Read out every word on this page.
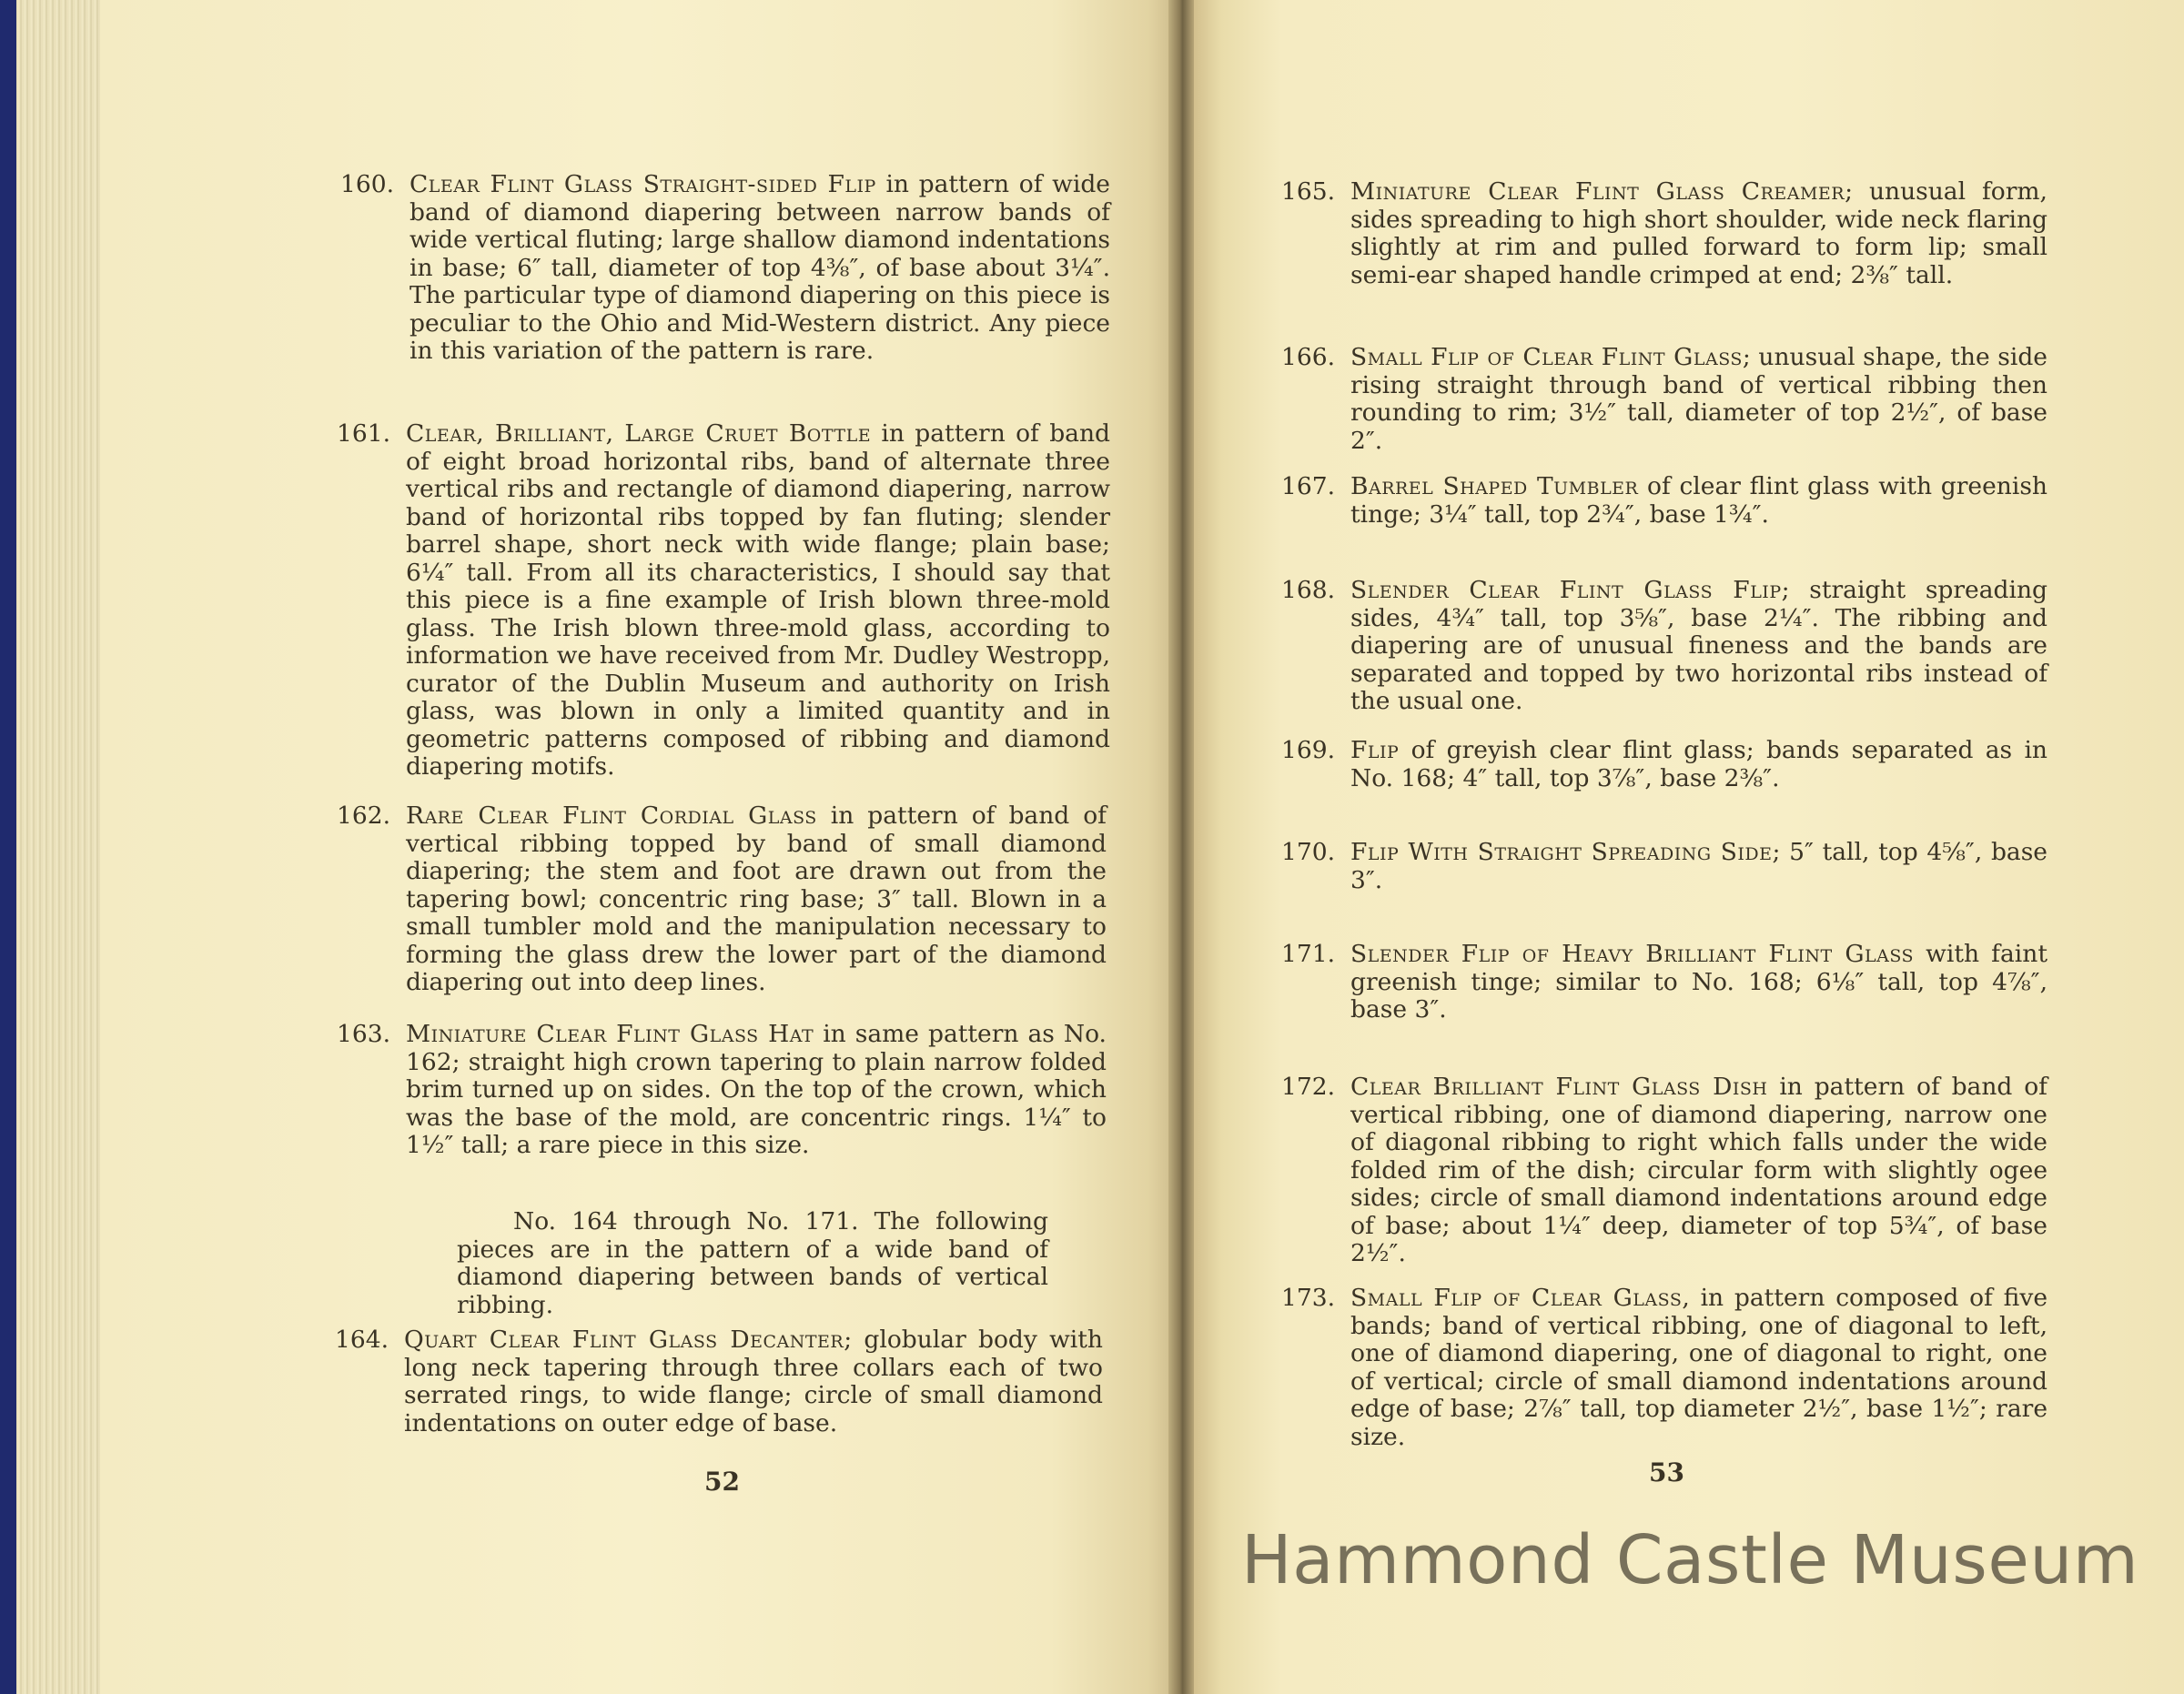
160. Clear Flint Glass Straight-sided Flip in pattern of wide band of diamond diapering between narrow bands of wide vertical fluting; large shallow diamond indentations in base; 6″ tall, diameter of top 4⅜″, of base about 3¼″. The particular type of diamond diapering on this piece is peculiar to the Ohio and Mid-Western district. Any piece in this variation of the pattern is rare.
161. Clear, Brilliant, Large Cruet Bottle in pattern of band of eight broad horizontal ribs, band of alternate three vertical ribs and rectangle of diamond diapering, narrow band of horizontal ribs topped by fan fluting; slender barrel shape, short neck with wide flange; plain base; 6¼″ tall. From all its characteristics, I should say that this piece is a fine example of Irish blown three-mold glass. The Irish blown three-mold glass, according to information we have received from Mr. Dudley Westropp, curator of the Dublin Museum and authority on Irish glass, was blown in only a limited quantity and in geometric patterns composed of ribbing and diamond diapering motifs.
162. Rare Clear Flint Cordial Glass in pattern of band of vertical ribbing topped by band of small diamond diapering; the stem and foot are drawn out from the tapering bowl; concentric ring base; 3″ tall. Blown in a small tumbler mold and the manipulation necessary to forming the glass drew the lower part of the diamond diapering out into deep lines.
163. Miniature Clear Flint Glass Hat in same pattern as No. 162; straight high crown tapering to plain narrow folded brim turned up on sides. On the top of the crown, which was the base of the mold, are concentric rings. 1¼″ to 1½″ tall; a rare piece in this size.
No. 164 through No. 171. The following pieces are in the pattern of a wide band of diamond diapering between bands of vertical ribbing.
164. Quart Clear Flint Glass Decanter; globular body with long neck tapering through three collars each of two serrated rings, to wide flange; circle of small diamond indentations on outer edge of base.
52
165. Miniature Clear Flint Glass Creamer; unusual form, sides spreading to high short shoulder, wide neck flaring slightly at rim and pulled forward to form lip; small semi-ear shaped handle crimped at end; 2⅜″ tall.
166. Small Flip of Clear Flint Glass; unusual shape, the side rising straight through band of vertical ribbing then rounding to rim; 3½″ tall, diameter of top 2½″, of base 2″.
167. Barrel Shaped Tumbler of clear flint glass with greenish tinge; 3¼″ tall, top 2¾″, base 1¾″.
168. Slender Clear Flint Glass Flip; straight spreading sides, 4¾″ tall, top 3⅝″, base 2¼″. The ribbing and diapering are of unusual fineness and the bands are separated and topped by two horizontal ribs instead of the usual one.
169. Flip of greyish clear flint glass; bands separated as in No. 168; 4″ tall, top 3⅞″, base 2⅜″.
170. Flip With Straight Spreading Side; 5″ tall, top 4⅝″, base 3″.
171. Slender Flip of Heavy Brilliant Flint Glass with faint greenish tinge; similar to No. 168; 6⅛″ tall, top 4⅞″, base 3″.
172. Clear Brilliant Flint Glass Dish in pattern of band of vertical ribbing, one of diamond diapering, narrow one of diagonal ribbing to right which falls under the wide folded rim of the dish; circular form with slightly ogee sides; circle of small diamond indentations around edge of base; about 1¼″ deep, diameter of top 5¾″, of base 2½″.
173. Small Flip of Clear Glass, in pattern composed of five bands; band of vertical ribbing, one of diagonal to left, one of diamond diapering, one of diagonal to right, one of vertical; circle of small diamond indentations around edge of base; 2⅞″ tall, top diameter 2½″, base 1½″; rare size.
53
Hammond Castle Museum
